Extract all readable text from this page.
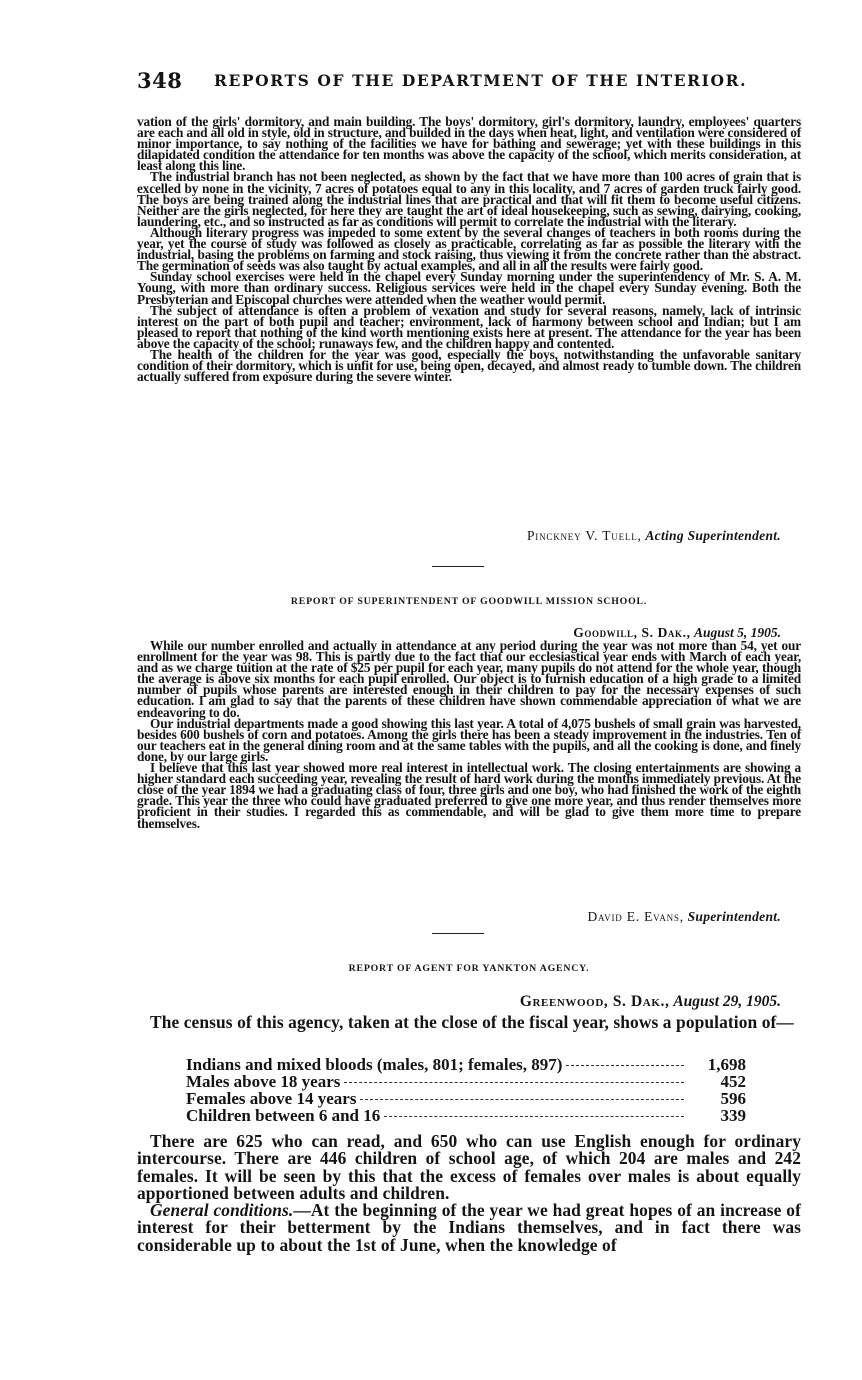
348 REPORTS OF THE DEPARTMENT OF THE INTERIOR.

vation of the girls' dormitory, and main building. The boys' dormitory, girl's dormitory, laundry, employees' quarters are each and all old in style, old in structure, and builded in the days when heat, light, and ventilation were considered of minor importance, to say nothing of the facilities we have for bathing and sewerage; yet with these buildings in this dilapidated condition the attendance for ten months was above the capacity of the school, which merits consideration, at least along this line.

The industrial branch has not been neglected, as shown by the fact that we have more than 100 acres of grain that is excelled by none in the vicinity, 7 acres of potatoes equal to any in this locality, and 7 acres of garden truck fairly good. The boys are being trained along the industrial lines that are practical and that will fit them to become useful citizens. Neither are the girls neglected, for here they are taught the art of ideal housekeeping, such as sewing, dairying, cooking, laundering, etc., and so instructed as far as conditions will permit to correlate the industrial with the literary.

Although literary progress was impeded to some extent by the several changes of teachers in both rooms during the year, yet the course of study was followed as closely as practicable, correlating as far as possible the literary with the industrial, basing the problems on farming and stock raising, thus viewing it from the concrete rather than the abstract. The germination of seeds was also taught by actual examples, and all in all the results were fairly good.

Sunday school exercises were held in the chapel every Sunday morning under the superintendency of Mr. S. A. M. Young, with more than ordinary success. Religious services were held in the chapel every Sunday evening. Both the Presbyterian and Episcopal churches were attended when the weather would permit.

The subject of attendance is often a problem of vexation and study for several reasons, namely, lack of intrinsic interest on the part of both pupil and teacher; environment, lack of harmony between school and Indian; but I am pleased to report that nothing of the kind worth mentioning exists here at present. The attendance for the year has been above the capacity of the school; runaways few, and the children happy and contented.

The health of the children for the year was good, especially the boys, notwithstanding the unfavorable sanitary condition of their dormitory, which is unfit for use, being open, decayed, and almost ready to tumble down. The children actually suffered from exposure during the severe winter.

Pinckney V. Tuell, Acting Superintendent.
REPORT OF SUPERINTENDENT OF GOODWILL MISSION SCHOOL.
Goodwill, S. Dak., August 5, 1905.

While our number enrolled and actually in attendance at any period during the year was not more than 54, yet our enrollment for the year was 98. This is partly due to the fact that our ecclesiastical year ends with March of each year, and as we charge tuition at the rate of $25 per pupil for each year, many pupils do not attend for the whole year, though the average is above six months for each pupil enrolled. Our object is to furnish education of a high grade to a limited number of pupils whose parents are interested enough in their children to pay for the necessary expenses of such education. I am glad to say that the parents of these children have shown commendable appreciation of what we are endeavoring to do.

Our industrial departments made a good showing this last year. A total of 4,075 bushels of small grain was harvested, besides 600 bushels of corn and potatoes. Among the girls there has been a steady improvement in the industries. Ten of our teachers eat in the general dining room and at the same tables with the pupils, and all the cooking is done, and finely done, by our large girls.

I believe that this last year showed more real interest in intellectual work. The closing entertainments are showing a higher standard each succeeding year, revealing the result of hard work during the months immediately previous. At the close of the year 1894 we had a graduating class of four, three girls and one boy, who had finished the work of the eighth grade. This year the three who could have graduated preferred to give one more year, and thus render themselves more proficient in their studies. I regarded this as commendable, and will be glad to give them more time to prepare themselves.

David E. Evans, Superintendent.
REPORT OF AGENT FOR YANKTON AGENCY.
Greenwood, S. Dak., August 29, 1905.

The census of this agency, taken at the close of the fiscal year, shows a population of—

Indians and mixed bloods (males, 801; females, 897)	1,698
Males above 18 years	452
Females above 14 years	596
Children between 6 and 16	339

There are 625 who can read, and 650 who can use English enough for ordinary intercourse. There are 446 children of school age, of which 204 are males and 242 females. It will be seen by this that the excess of females over males is about equally apportioned between adults and children.

General conditions.—At the beginning of the year we had great hopes of an increase of interest for their betterment by the Indians themselves, and in fact there was considerable up to about the 1st of June, when the knowledge of
